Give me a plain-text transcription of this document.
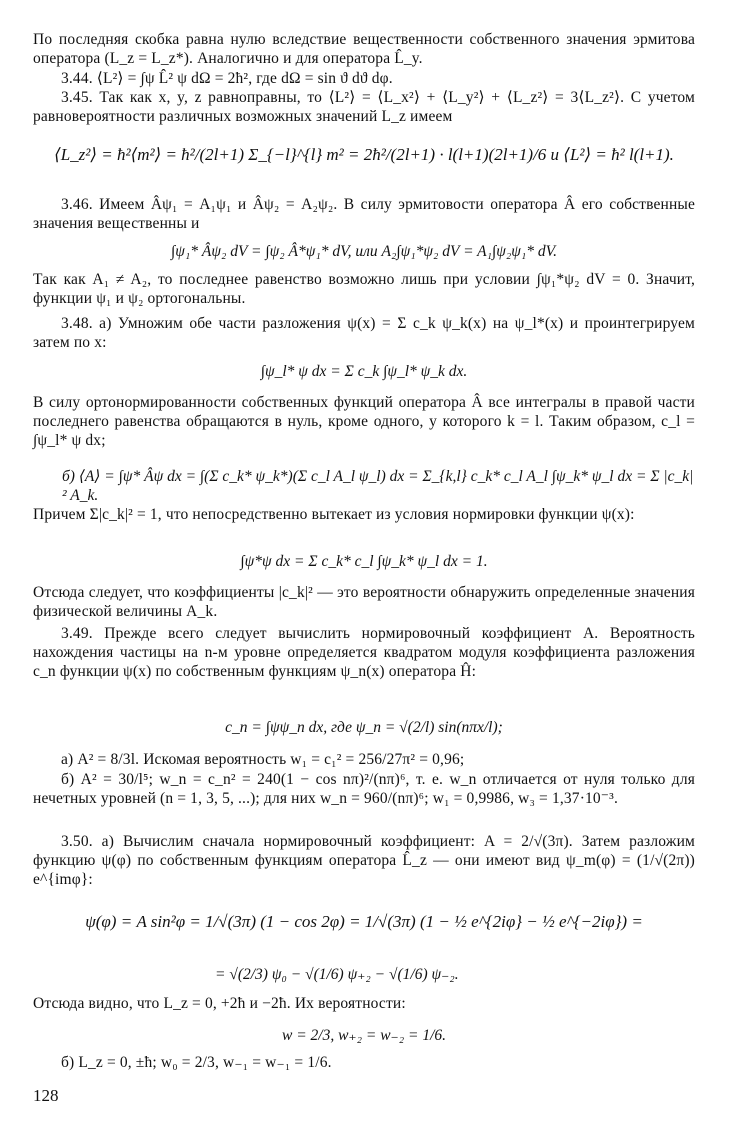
По последняя скобка равна нулю вследствие вещественности собственного значения эрмитова оператора (L_z = L_z*). Аналогично и для оператора L̂_y.

3.44. ⟨L²⟩ = ∫ψ L̂² ψ dΩ = 2ħ², где dΩ = sin ϑ dϑ dφ.

3.45. Так как x, y, z равноправны, то ⟨L²⟩ = ⟨L_x²⟩ + ⟨L_y²⟩ + ⟨L_z²⟩ = 3⟨L_z²⟩. С учетом равновероятности различных возможных значений L_z имеем

⟨L_z²⟩ = ħ²⟨m²⟩ = ħ²/(2l+1) Σ_{−l}^{l} m² = 2ħ²/(2l+1) · l(l+1)(2l+1)/6 и ⟨L²⟩ = ħ² l(l+1).

3.46. Имеем Âψ₁ = A₁ψ₁ и Âψ₂ = A₂ψ₂. В силу эрмитовости оператора Â его собственные значения вещественны и

∫ψ₁* Âψ₂ dV = ∫ψ₂ Â*ψ₁* dV, или A₂∫ψ₁*ψ₂ dV = A₁∫ψ₂ψ₁* dV.

Так как A₁ ≠ A₂, то последнее равенство возможно лишь при условии ∫ψ₁*ψ₂ dV = 0. Значит, функции ψ₁ и ψ₂ ортогональны.

3.48. а) Умножим обе части разложения ψ(x) = Σ c_k ψ_k(x) на ψ_l*(x) и проинтегрируем затем по x:

∫ψ_l* ψ dx = Σ c_k ∫ψ_l* ψ_k dx.

В силу ортонормированности собственных функций оператора Â все интегралы в правой части последнего равенства обращаются в нуль, кроме одного, у которого k = l. Таким образом, c_l = ∫ψ_l* ψ dx;

б) ⟨A⟩ = ∫ψ* Âψ dx = ∫(Σ c_k* ψ_k*)(Σ c_l A_l ψ_l) dx = Σ_{k,l} c_k* c_l A_l ∫ψ_k* ψ_l dx = Σ |c_k|² A_k.

Причем Σ|c_k|² = 1, что непосредственно вытекает из условия нормировки функции ψ(x):

∫ψ*ψ dx = Σ c_k* c_l ∫ψ_k* ψ_l dx = 1.

Отсюда следует, что коэффициенты |c_k|² — это вероятности обнаружить определенные значения физической величины A_k.

3.49. Прежде всего следует вычислить нормировочный коэффициент A. Вероятность нахождения частицы на n-м уровне определяется квадратом модуля коэффициента разложения c_n функции ψ(x) по собственным функциям ψ_n(x) оператора Ĥ:

c_n = ∫ψψ_n dx, где ψ_n = √(2/l) sin(nπx/l);

а) A² = 8/3l. Искомая вероятность w₁ = c₁² = 256/27π² = 0,96;

б) A² = 30/l⁵; w_n = c_n² = 240(1 − cos nπ)²/(nπ)⁶, т. е. w_n отличается от нуля только для нечетных уровней (n = 1, 3, 5, ...); для них w_n = 960/(nπ)⁶; w₁ = 0,9986, w₃ = 1,37·10⁻³.

3.50. а) Вычислим сначала нормировочный коэффициент: A = 2/√(3π). Затем разложим функцию ψ(φ) по собственным функциям оператора L̂_z — они имеют вид ψ_m(φ) = (1/√(2π)) e^{imφ}:

ψ(φ) = A sin²φ = 1/√(3π) (1 − cos 2φ) = 1/√(3π) (1 − ½ e^{2iφ} − ½ e^{−2iφ}) =

= √(2/3) ψ₀ − √(1/6) ψ₊₂ − √(1/6) ψ₋₂.

Отсюда видно, что L_z = 0, +2ħ и −2ħ. Их вероятности:

w = 2/3, w₊₂ = w₋₂ = 1/6.

б) L_z = 0, ±ħ; w₀ = 2/3, w₋₁ = w₋₁ = 1/6.

128
